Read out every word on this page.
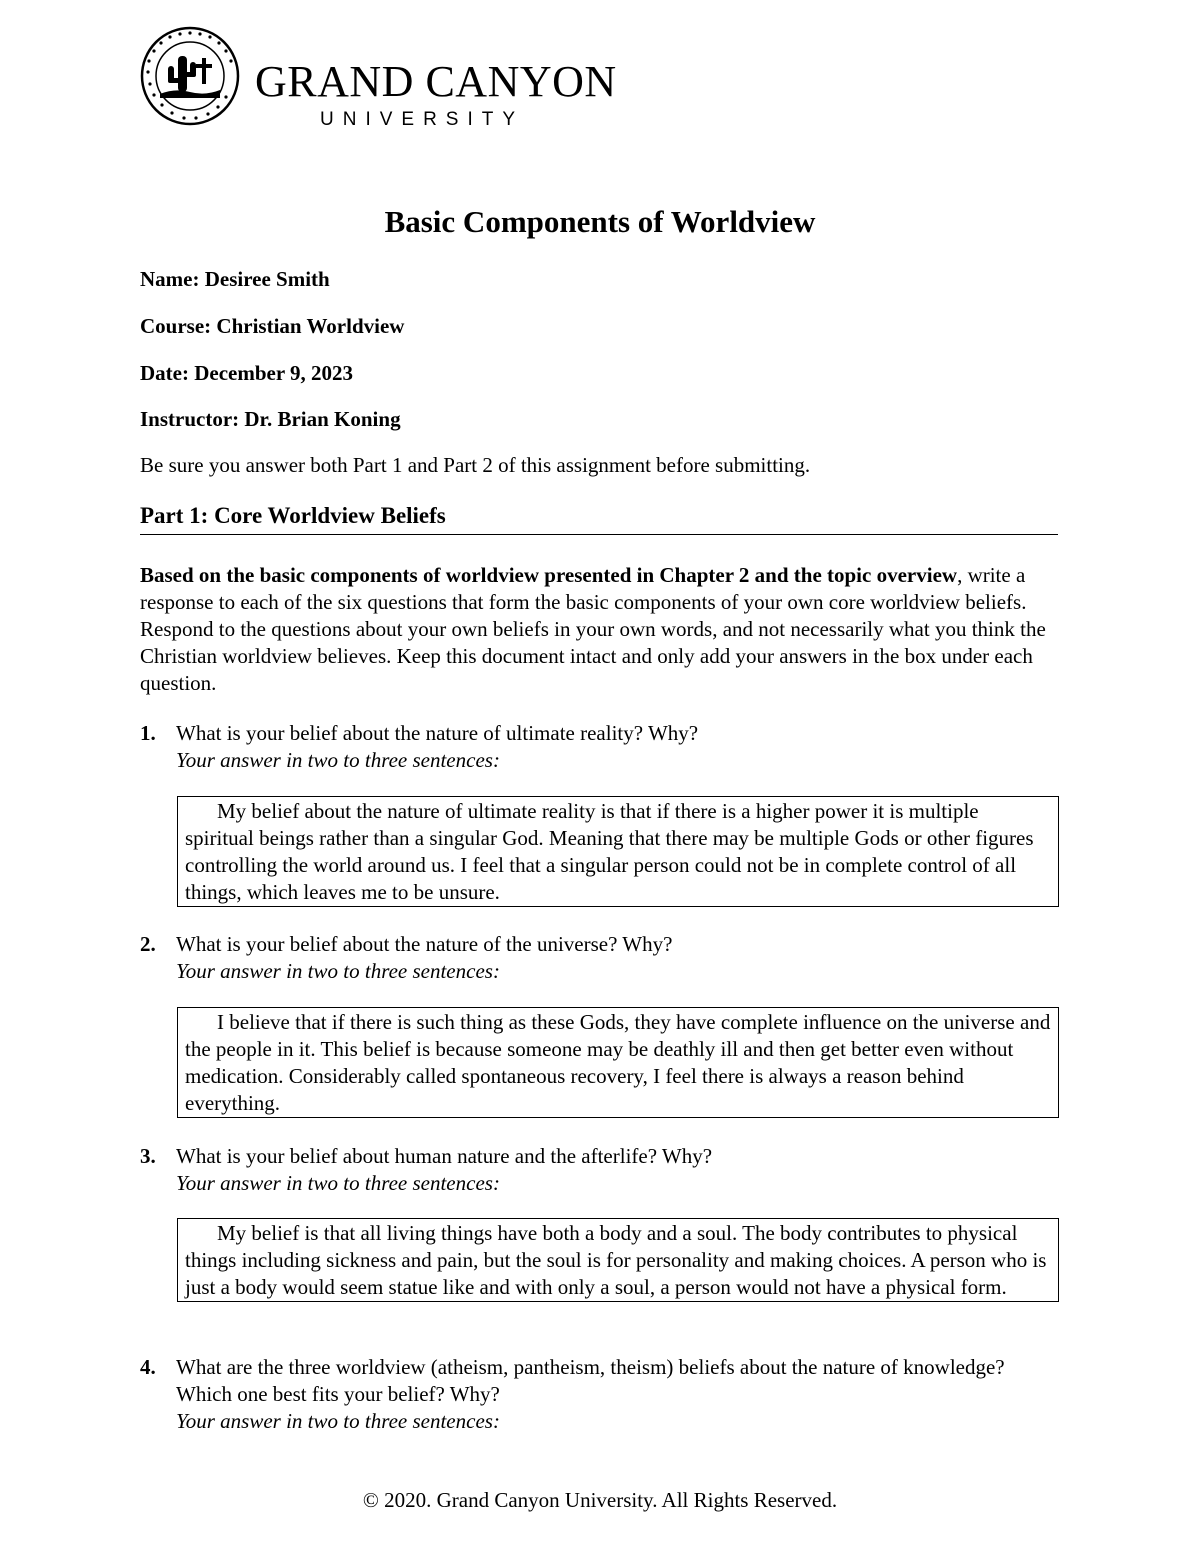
GRAND CANYON
UNIVERSITY
Basic Components of Worldview
Name: Desiree Smith
Course: Christian Worldview
Date: December 9, 2023
Instructor: Dr. Brian Koning
Be sure you answer both Part 1 and Part 2 of this assignment before submitting.
Part 1: Core Worldview Beliefs
Based on the basic components of worldview presented in Chapter 2 and the topic overview, write a response to each of the six questions that form the basic components of your own core worldview beliefs. Respond to the questions about your own beliefs in your own words, and not necessarily what you think the Christian worldview believes. Keep this document intact and only add your answers in the box under each question.
1. What is your belief about the nature of ultimate reality? Why?
Your answer in two to three sentences:

My belief about the nature of ultimate reality is that if there is a higher power it is multiple spiritual beings rather than a singular God. Meaning that there may be multiple Gods or other figures controlling the world around us. I feel that a singular person could not be in complete control of all things, which leaves me to be unsure.

2. What is your belief about the nature of the universe? Why?
Your answer in two to three sentences:

I believe that if there is such thing as these Gods, they have complete influence on the universe and the people in it. This belief is because someone may be deathly ill and then get better even without medication. Considerably called spontaneous recovery, I feel there is always a reason behind everything.

3. What is your belief about human nature and the afterlife? Why?
Your answer in two to three sentences:

My belief is that all living things have both a body and a soul. The body contributes to physical things including sickness and pain, but the soul is for personality and making choices. A person who is just a body would seem statue like and with only a soul, a person would not have a physical form.

4. What are the three worldview (atheism, pantheism, theism) beliefs about the nature of knowledge? Which one best fits your belief? Why?
Your answer in two to three sentences:
© 2020. Grand Canyon University. All Rights Reserved.
